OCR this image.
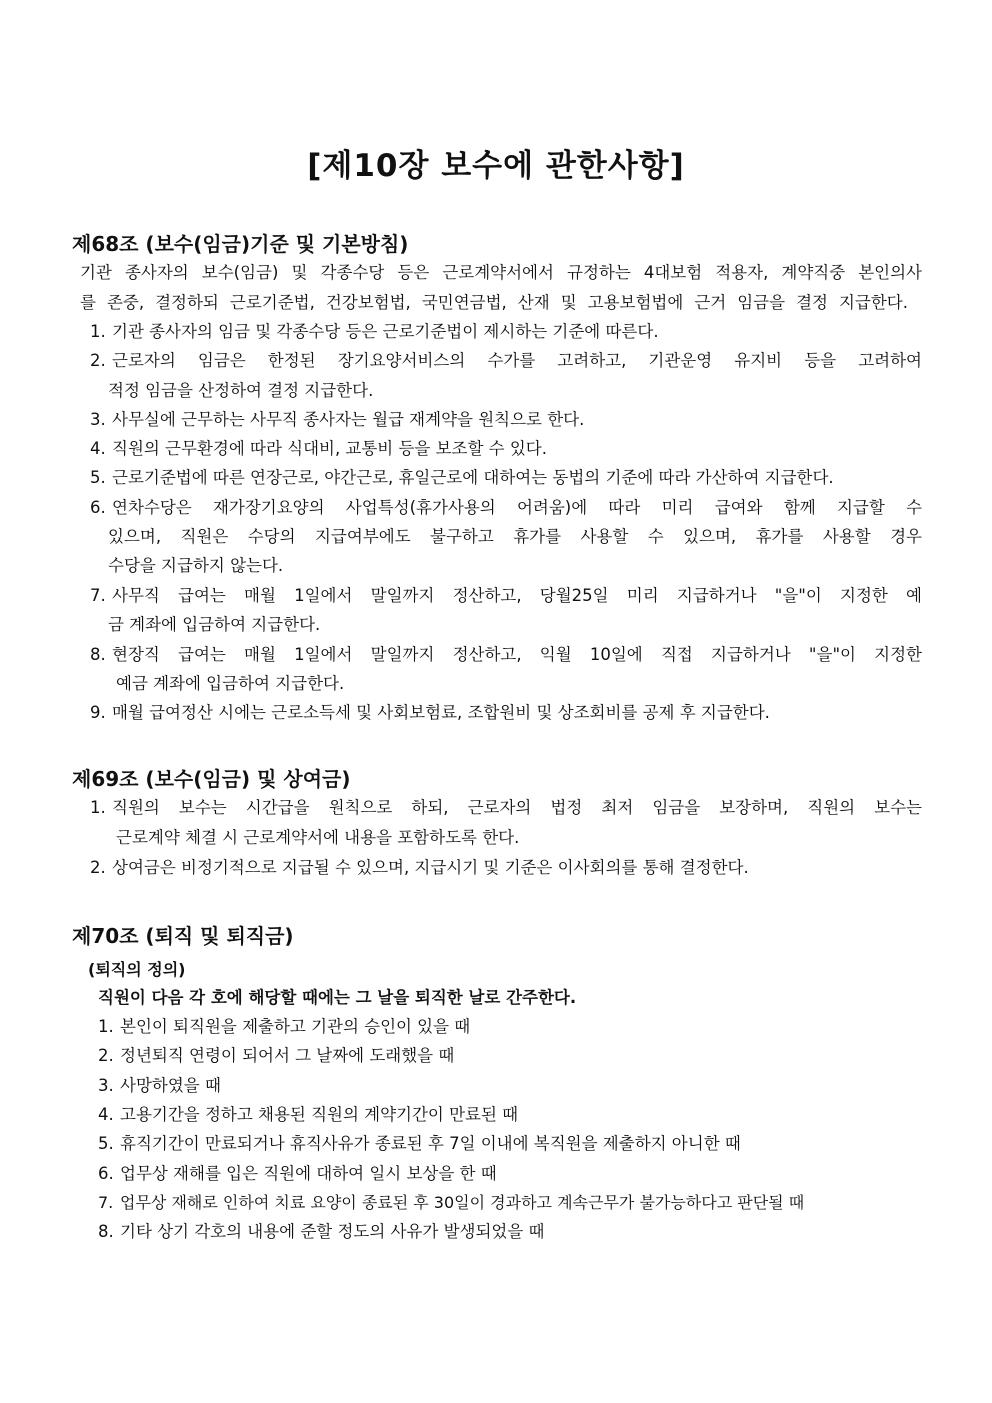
[제10장 보수에 관한사항]
제68조 (보수(임금)기준 및 기본방침)
기관 종사자의 보수(임금) 및 각종수당 등은 근로계약서에서 규정하는 4대보험 적용자, 계약직중 본인의사
를 존중, 결정하되 근로기준법, 건강보험법, 국민연금법, 산재 및 고용보험법에 근거 임금을 결정 지급한다.
1. 기관 종사자의 임금 및 각종수당 등은 근로기준법이 제시하는 기준에 따른다.
2. 근로자의 임금은 한정된 장기요양서비스의 수가를 고려하고, 기관운영 유지비 등을 고려하여
적정 임금을 산정하여 결정 지급한다.
3. 사무실에 근무하는 사무직 종사자는 월급 재계약을 원칙으로 한다.
4. 직원의 근무환경에 따라 식대비, 교통비 등을 보조할 수 있다.
5. 근로기준법에 따른 연장근로, 야간근로, 휴일근로에 대하여는 동법의 기준에 따라 가산하여 지급한다.
6. 연차수당은 재가장기요양의 사업특성(휴가사용의 어려움)에 따라 미리 급여와 함께 지급할 수
있으며, 직원은 수당의 지급여부에도 불구하고 휴가를 사용할 수 있으며, 휴가를 사용할 경우
수당을 지급하지 않는다.
7. 사무직 급여는 매월 1일에서 말일까지 정산하고, 당월25일 미리 지급하거나 "을"이 지정한 예
금 계좌에 입금하여 지급한다.
8. 현장직 급여는 매월 1일에서 말일까지 정산하고, 익월 10일에 직접 지급하거나 "을"이 지정한
예금 계좌에 입금하여 지급한다.
9. 매월 급여정산 시에는 근로소득세 및 사회보험료, 조합원비 및 상조회비를 공제 후 지급한다.
제69조 (보수(임금) 및 상여금)
1. 직원의 보수는 시간급을 원칙으로 하되, 근로자의 법정 최저 임금을 보장하며, 직원의 보수는
근로계약 체결 시 근로계약서에 내용을 포함하도록 한다.
2. 상여금은 비정기적으로 지급될 수 있으며, 지급시기 및 기준은 이사회의를 통해 결정한다.
제70조 (퇴직 및 퇴직금)
(퇴직의 정의)
직원이 다음 각 호에 해당할 때에는 그 날을 퇴직한 날로 간주한다.
1. 본인이 퇴직원을 제출하고 기관의 승인이 있을 때
2. 정년퇴직 연령이 되어서 그 날짜에 도래했을 때
3. 사망하였을 때
4. 고용기간을 정하고 채용된 직원의 계약기간이 만료된 때
5. 휴직기간이 만료되거나 휴직사유가 종료된 후 7일 이내에 복직원을 제출하지 아니한 때
6. 업무상 재해를 입은 직원에 대하여 일시 보상을 한 때
7. 업무상 재해로 인하여 치료 요양이 종료된 후 30일이 경과하고 계속근무가 불가능하다고 판단될 때
8. 기타 상기 각호의 내용에 준할 정도의 사유가 발생되었을 때
